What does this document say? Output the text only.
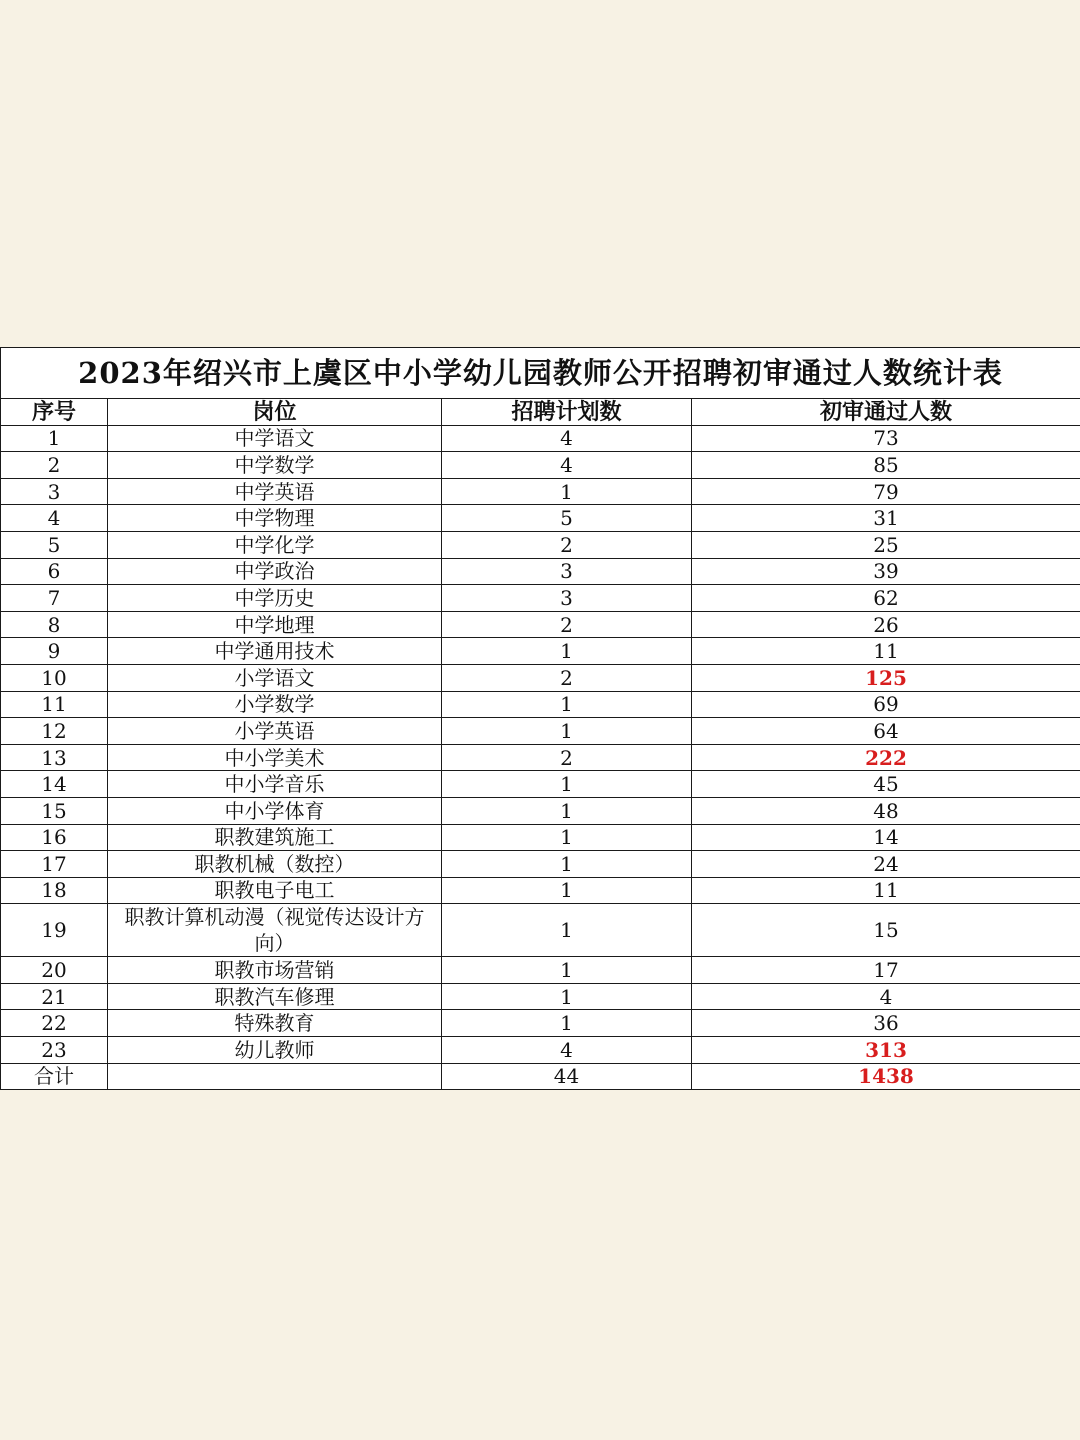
2023年绍兴市上虞区中小学幼儿园教师公开招聘初审通过人数统计表			
序号	岗位	招聘计划数	初审通过人数
1	中学语文	4	73
2	中学数学	4	85
3	中学英语	1	79
4	中学物理	5	31
5	中学化学	2	25
6	中学政治	3	39
7	中学历史	3	62
8	中学地理	2	26
9	中学通用技术	1	11
10	小学语文	2	125
11	小学数学	1	69
12	小学英语	1	64
13	中小学美术	2	222
14	中小学音乐	1	45
15	中小学体育	1	48
16	职教建筑施工	1	14
17	职教机械（数控）	1	24
18	职教电子电工	1	11
19	职教计算机动漫（视觉传达设计方向）	1	15
20	职教市场营销	1	17
21	职教汽车修理	1	4
22	特殊教育	1	36
23	幼儿教师	4	313
合计		44	1438
